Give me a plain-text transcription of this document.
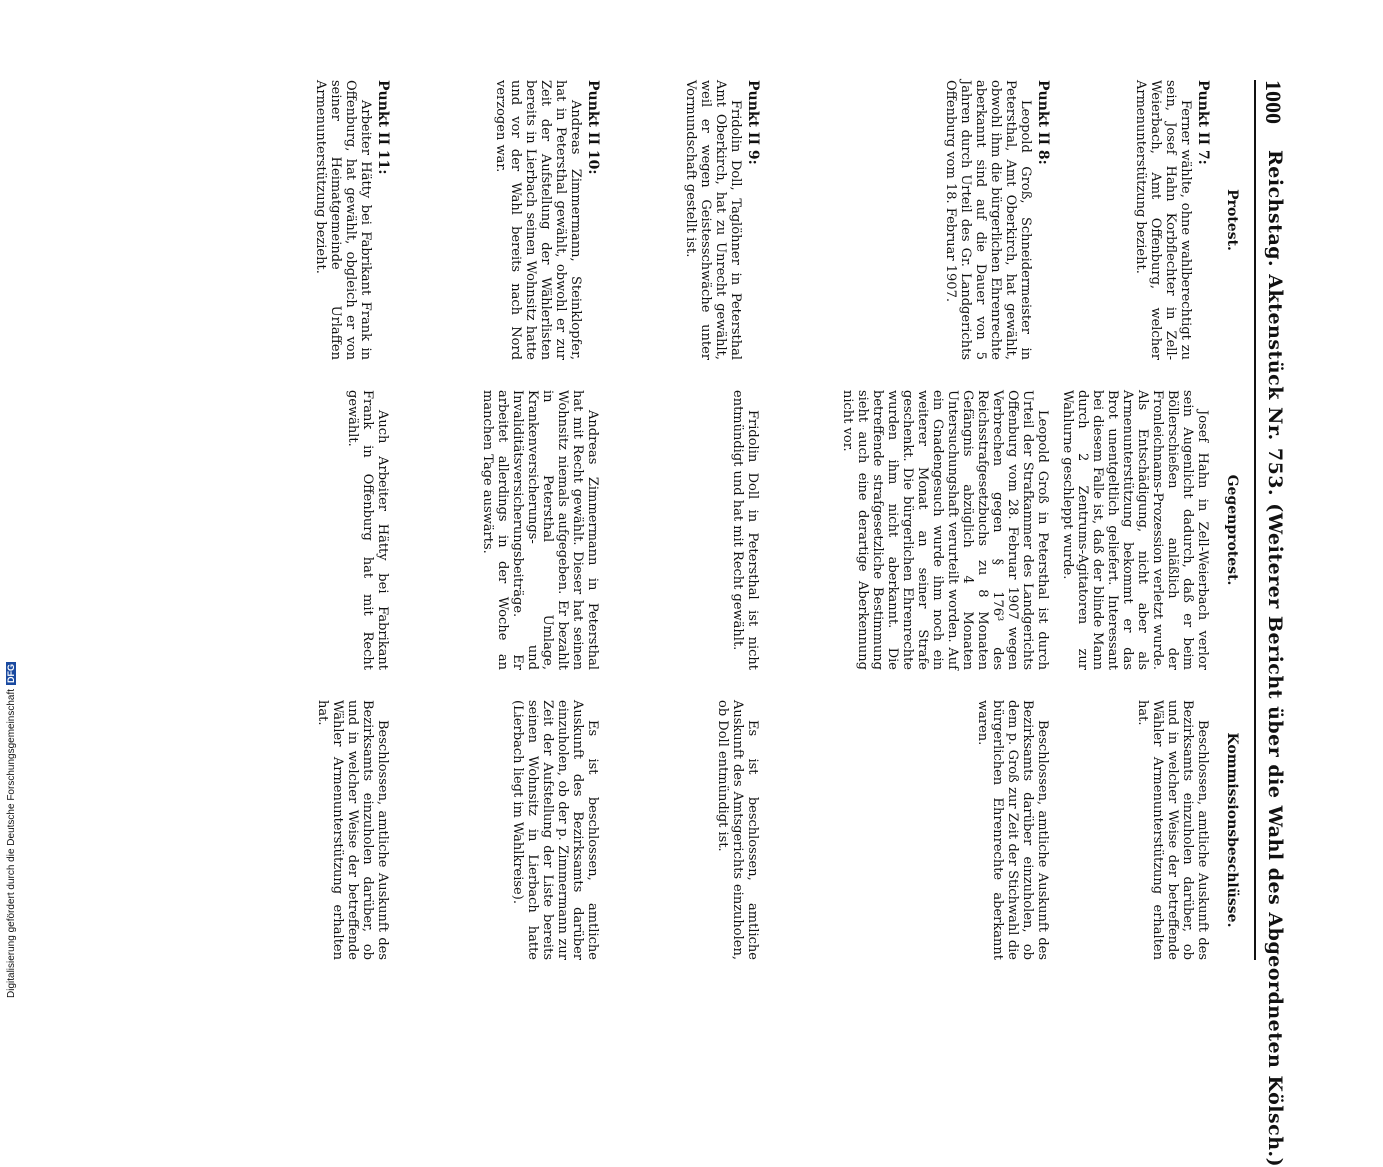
1000
Reichstag. Aktenstück Nr. 753. (Weiterer Bericht über die Wahl des Abgeordneten Kölsch.)
Protest.
Gegenprotest.
Kommissionsbeschlüsse.
Punkt II 7:

Ferner wählte, ohne wahlberechtigt zu sein, Josef Hahn Korbflechter in Zell-Weierbach, Amt Offenburg, welcher Armenunterstützung bezieht.

Josef Hahn in Zell-Weierbach verlor sein Augenlicht dadurch, daß er beim Böllerschießen anläßlich der Fronleichnams-Prozession verletzt wurde. Als Entschädigung, nicht aber als Armenunterstützung bekommt er das Brot unentgeltlich geliefert. Interessant bei diesem Falle ist, daß der blinde Mann durch 2 Zentrums-Agitatoren zur Wahlurne geschleppt wurde.

Beschlossen, amtliche Auskunft des Bezirksamts einzuholen darüber, ob und in welcher Weise der betreffende Wähler Armenunterstützung erhalten hat.

Punkt II 8:

Leopold Groß, Schneidermeister in Petersthal, Amt Oberkirch, hat gewählt, obwohl ihm die bürgerlichen Ehrenrechte aberkannt sind auf die Dauer von 5 Jahren durch Urteil des Gr. Landgerichts Offenburg vom 18. Februar 1907.

Leopold Groß in Petersthal ist durch Urteil der Strafkammer des Landgerichts Offenburg vom 28. Februar 1907 wegen Verbrechen gegen § 176³ des Reichsstrafgesetzbuchs zu 8 Monaten Gefängnis abzüglich 4 Monaten Untersuchungshaft verurteilt worden. Auf ein Gnadengesuch wurde ihm noch ein weiterer Monat an seiner Strafe geschenkt. Die bürgerlichen Ehrenrechte wurden ihm nicht aberkannt. Die betreffende strafgesetzliche Bestimmung sieht auch eine derartige Aberkennung nicht vor.

Beschlossen, amtliche Auskunft des Bezirksamts darüber einzuholen, ob dem p. Groß zur Zeit der Stichwahl die bürgerlichen Ehrenrechte aberkannt waren.

Punkt II 9:

Fridolin Doll, Taglöhner in Petersthal Amt Oberkirch, hat zu Unrecht gewählt, weil er wegen Geistesschwäche unter Vormundschaft gestellt ist.

Fridolin Doll in Petersthal ist nicht entmündigt und hat mit Recht gewählt.

Es ist beschlossen, amtliche Auskunft des Amtsgerichts einzuholen, ob Doll entmündigt ist.

Punkt II 10:

Andreas Zimmermann, Steinklopfer, hat in Petersthal gewählt, obwohl er zur Zeit der Aufstellung der Wählerlisten bereits in Lierbach seinen Wohnsitz hatte und vor der Wahl bereits nach Nord verzogen war.

Andreas Zimmermann in Petersthal hat mit Recht gewählt. Dieser hat seinen Wohnsitz niemals aufgegeben. Er bezahlt in Petersthal Umlage, Krankenversicherungs- und Invaliditätsversicherungsbeiträge. Er arbeitet allerdings in der Woche an manchen Tage auswärts.

Es ist beschlossen, amtliche Auskunft des Bezirksamts darüber einzuholen, ob der p. Zimmermann zur Zeit der Aufstellung der Liste bereits seinen Wohnsitz in Lierbach hatte (Lierbach liegt im Wahlkreise).

Punkt II 11:

Arbeiter Hätty bei Fabrikant Frank in Offenburg, hat gewählt, obgleich er von seiner Heimatgemeinde Urlaffen Armenunterstützung bezieht.

Auch Arbeiter Hätty bei Fabrikant Frank in Offenburg hat mit Recht gewählt.

Beschlossen, amtliche Auskunft des Bezirksamts einzuholen darüber, ob und in welcher Weise der betreffende Wähler Armenunterstützung erhalten hat.

Digitalisierung gefördert durch die Deutsche ForschungsgemeinschaftDFG
